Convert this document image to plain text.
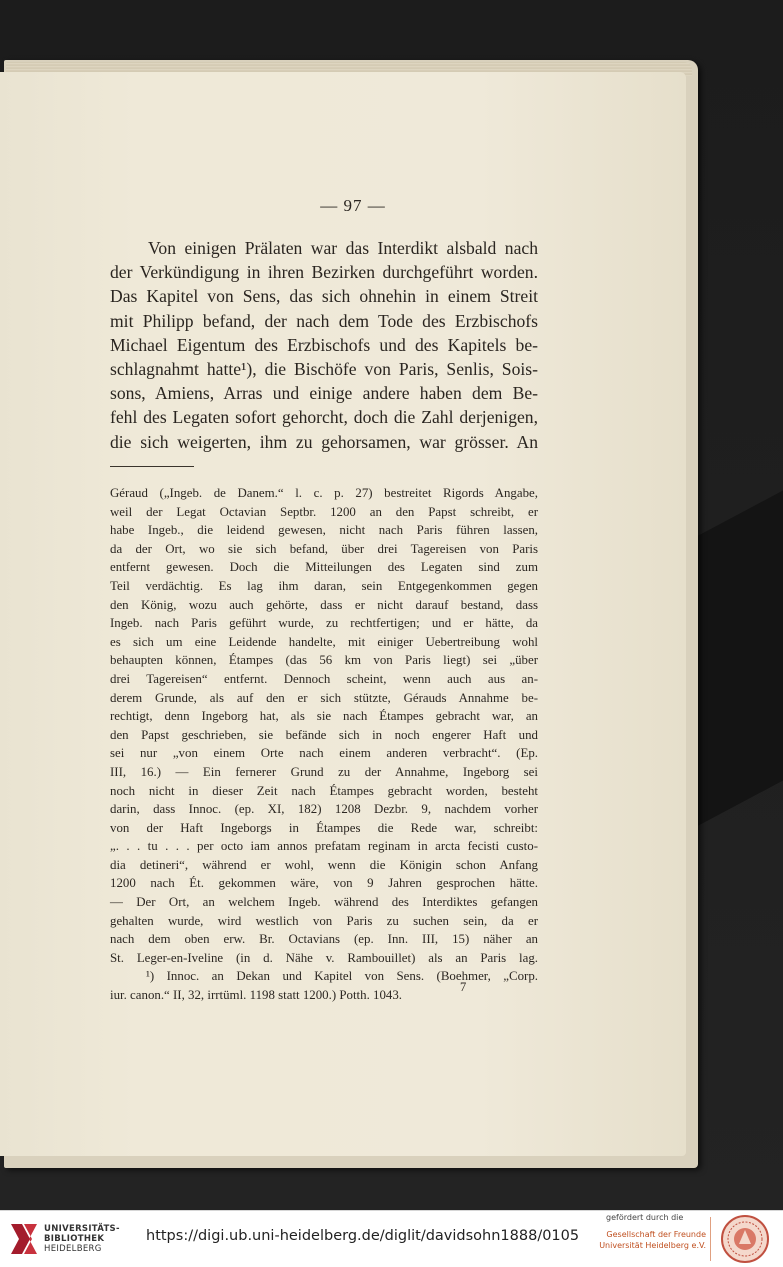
— 97 —
Von einigen Prälaten war das Interdikt alsbald nach
der Verkündigung in ihren Bezirken durchgeführt worden.
Das Kapitel von Sens, das sich ohnehin in einem Streit
mit Philipp befand, der nach dem Tode des Erzbischofs
Michael Eigentum des Erzbischofs und des Kapitels be-
schlagnahmt hatte¹), die Bischöfe von Paris, Senlis, Sois-
sons, Amiens, Arras und einige andere haben dem Be-
fehl des Legaten sofort gehorcht, doch die Zahl derjenigen,
die sich weigerten, ihm zu gehorsamen, war grösser. An
Géraud („Ingeb. de Danem.“ l. c. p. 27) bestreitet Rigords Angabe,
weil der Legat Octavian Septbr. 1200 an den Papst schreibt, er
habe Ingeb., die leidend gewesen, nicht nach Paris führen lassen,
da der Ort, wo sie sich befand, über drei Tagereisen von Paris
entfernt gewesen. Doch die Mitteilungen des Legaten sind zum
Teil verdächtig. Es lag ihm daran, sein Entgegenkommen gegen
den König, wozu auch gehörte, dass er nicht darauf bestand, dass
Ingeb. nach Paris geführt wurde, zu rechtfertigen; und er hätte, da
es sich um eine Leidende handelte, mit einiger Uebertreibung wohl
behaupten können, Étampes (das 56 km von Paris liegt) sei „über
drei Tagereisen“ entfernt. Dennoch scheint, wenn auch aus an-
derem Grunde, als auf den er sich stützte, Gérauds Annahme be-
rechtigt, denn Ingeborg hat, als sie nach Étampes gebracht war, an
den Papst geschrieben, sie befände sich in noch engerer Haft und
sei nur „von einem Orte nach einem anderen verbracht“. (Ep.
III, 16.) — Ein fernerer Grund zu der Annahme, Ingeborg sei
noch nicht in dieser Zeit nach Étampes gebracht worden, besteht
darin, dass Innoc. (ep. XI, 182) 1208 Dezbr. 9, nachdem vorher
von der Haft Ingeborgs in Étampes die Rede war, schreibt:
„. . . tu . . . per octo iam annos prefatam reginam in arcta fecisti custo-
dia detineri“, während er wohl, wenn die Königin schon Anfang
1200 nach Ét. gekommen wäre, von 9 Jahren gesprochen hätte.
— Der Ort, an welchem Ingeb. während des Interdiktes gefangen
gehalten wurde, wird westlich von Paris zu suchen sein, da er
nach dem oben erw. Br. Octavians (ep. Inn. III, 15) näher an
St. Leger-en-Iveline (in d. Nähe v. Rambouillet) als an Paris lag.
¹) Innoc. an Dekan und Kapitel von Sens. (Boehmer, „Corp.
iur. canon.“ II, 32, irrtüml. 1198 statt 1200.) Potth. 1043.
7
UNIVERSITÄTS-
BIBLIOTHEK
HEIDELBERG
https://digi.ub.uni-heidelberg.de/diglit/davidsohn1888/0105
gefördert durch die
Gesellschaft der Freunde
Universität Heidelberg e.V.
